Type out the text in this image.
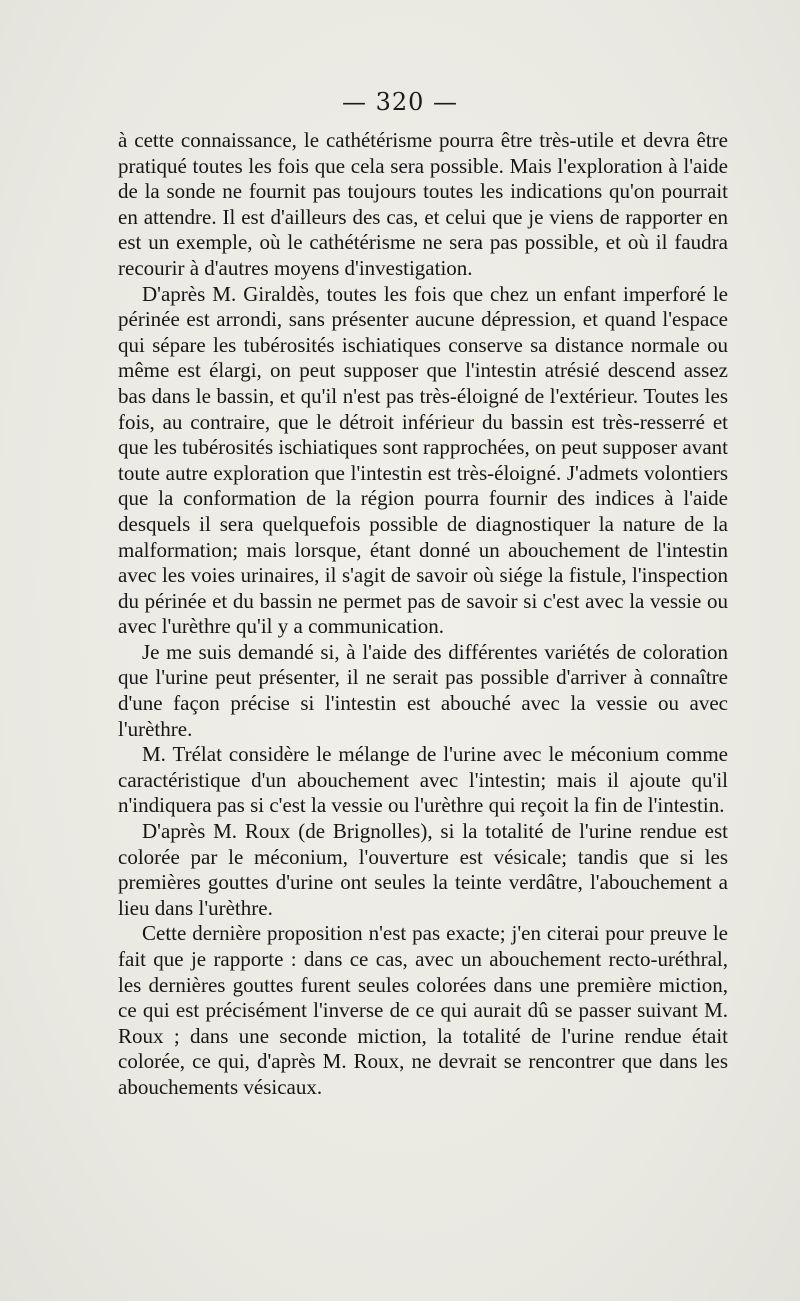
— 320 —

à cette connaissance, le cathétérisme pourra être très-utile et devra être pratiqué toutes les fois que cela sera possible. Mais l'exploration à l'aide de la sonde ne fournit pas toujours toutes les indications qu'on pourrait en attendre. Il est d'ailleurs des cas, et celui que je viens de rapporter en est un exemple, où le cathétérisme ne sera pas possible, et où il faudra recourir à d'autres moyens d'investigation.

D'après M. Giraldès, toutes les fois que chez un enfant imperforé le périnée est arrondi, sans présenter aucune dépression, et quand l'espace qui sépare les tubérosités ischiatiques conserve sa distance normale ou même est élargi, on peut supposer que l'intestin atrésié descend assez bas dans le bassin, et qu'il n'est pas très-éloigné de l'extérieur. Toutes les fois, au contraire, que le détroit inférieur du bassin est très-resserré et que les tubérosités ischiatiques sont rapprochées, on peut supposer avant toute autre exploration que l'intestin est très-éloigné. J'admets volontiers que la conformation de la région pourra fournir des indices à l'aide desquels il sera quelquefois possible de diagnostiquer la nature de la malformation; mais lorsque, étant donné un abouchement de l'intestin avec les voies urinaires, il s'agit de savoir où siége la fistule, l'inspection du périnée et du bassin ne permet pas de savoir si c'est avec la vessie ou avec l'urèthre qu'il y a communication.

Je me suis demandé si, à l'aide des différentes variétés de coloration que l'urine peut présenter, il ne serait pas possible d'arriver à connaître d'une façon précise si l'intestin est abouché avec la vessie ou avec l'urèthre.

M. Trélat considère le mélange de l'urine avec le méconium comme caractéristique d'un abouchement avec l'intestin; mais il ajoute qu'il n'indiquera pas si c'est la vessie ou l'urèthre qui reçoit la fin de l'intestin.

D'après M. Roux (de Brignolles), si la totalité de l'urine rendue est colorée par le méconium, l'ouverture est vésicale; tandis que si les premières gouttes d'urine ont seules la teinte verdâtre, l'abouchement a lieu dans l'urèthre.

Cette dernière proposition n'est pas exacte; j'en citerai pour preuve le fait que je rapporte : dans ce cas, avec un abouchement recto-uréthral, les dernières gouttes furent seules colorées dans une première miction, ce qui est précisément l'inverse de ce qui aurait dû se passer suivant M. Roux ; dans une seconde miction, la totalité de l'urine rendue était colorée, ce qui, d'après M. Roux, ne devrait se rencontrer que dans les abouchements vésicaux.
